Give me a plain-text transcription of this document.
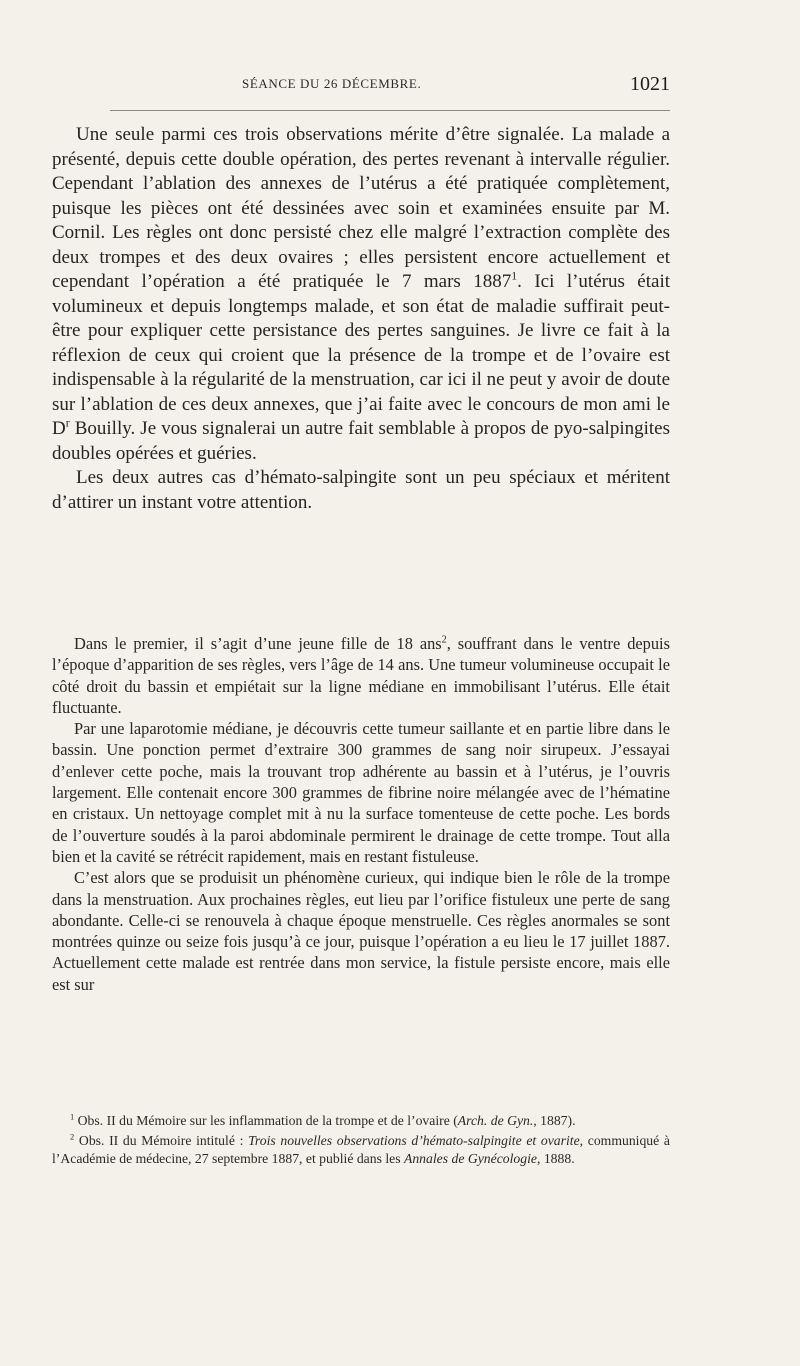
SÉANCE DU 26 DÉCEMBRE.	1021

Une seule parmi ces trois observations mérite d’être signalée. La malade a présenté, depuis cette double opération, des pertes revenant à intervalle régulier. Cependant l’ablation des annexes de l’utérus a été pratiquée complètement, puisque les pièces ont été dessinées avec soin et examinées ensuite par M. Cornil. Les règles ont donc persisté chez elle malgré l’extraction complète des deux trompes et des deux ovaires ; elles persistent encore actuellement et cependant l’opération a été pratiquée le 7 mars 1887$^1$. Ici l’utérus était volumineux et depuis longtemps malade, et son état de maladie suffirait peut-être pour expliquer cette persistance des pertes sanguines. Je livre ce fait à la réflexion de ceux qui croient que la présence de la trompe et de l’ovaire est indispensable à la régularité de la menstruation, car ici il ne peut y avoir de doute sur l’ablation de ces deux annexes, que j’ai faite avec le concours de mon ami le $D^r$ Bouilly. Je vous signalerai un autre fait semblable à propos de pyo-salpingites doubles opérées et guéries.

Les deux autres cas d’hémato-salpingite sont un peu spéciaux et méritent d’attirer un instant votre attention.

Dans le premier, il s’agit d’une jeune fille de 18 ans$^2$, souffrant dans le ventre depuis l’époque d’apparition de ses règles, vers l’âge de 14 ans. Une tumeur volumineuse occupait le côté droit du bassin et empiétait sur la ligne médiane en immobilisant l’utérus. Elle était fluctuante.

Par une laparotomie médiane, je découvris cette tumeur saillante et en partie libre dans le bassin. Une ponction permet d’extraire 300 grammes de sang noir sirupeux. J’essayai d’enlever cette poche, mais la trouvant trop adhérente au bassin et à l’utérus, je l’ouvris largement. Elle contenait encore 300 grammes de fibrine noire mélangée avec de l’hématine en cristaux. Un nettoyage complet mit à nu la surface tomenteuse de cette poche. Les bords de l’ouverture soudés à la paroi abdominale permirent le drainage de cette trompe. Tout alla bien et la cavité se rétrécit rapidement, mais en restant fistuleuse.

C’est alors que se produisit un phénomène curieux, qui indique bien le rôle de la trompe dans la menstruation. Aux prochaines règles, eut lieu par l’orifice fistuleux une perte de sang abondante. Celle-ci se renouvela à chaque époque menstruelle. Ces règles anormales se sont montrées quinze ou seize fois jusqu’à ce jour, puisque l’opération a eu lieu le 17 juillet 1887. Actuellement cette malade est rentrée dans mon service, la fistule persiste encore, mais elle est sur

$^1$ Obs. II du Mémoire sur les inflammation de la trompe et de l’ovaire (Arch. de Gyn., 1887).

$^2$ Obs. II du Mémoire intitulé : Trois nouvelles observations d’hémato-salpingite et ovarite, communiqué à l’Académie de médecine, 27 septembre 1887, et publié dans les Annales de Gynécologie, 1888.
